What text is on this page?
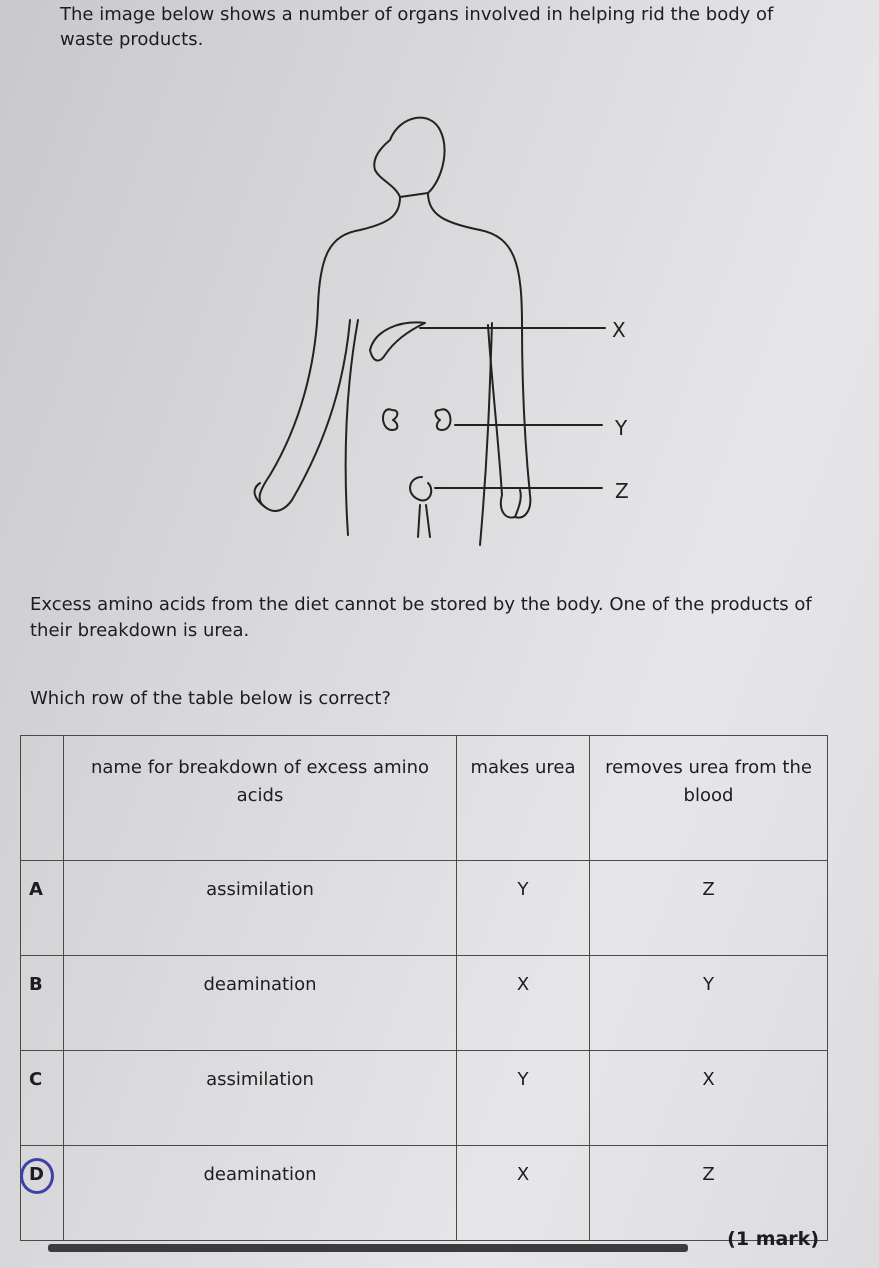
The image below shows a number of organs involved in helping rid the body of waste products.

X
Y
Z

Excess amino acids from the diet cannot be stored by the body. One of the products of their breakdown is urea.

Which row of the table below is correct?

	name for breakdown of excess amino acids	makes urea	removes urea from the blood
A	assimilation	Y	Z
B	deamination	X	Y
C	assimilation	Y	X

D	deamination	X	Z

(1 mark)
